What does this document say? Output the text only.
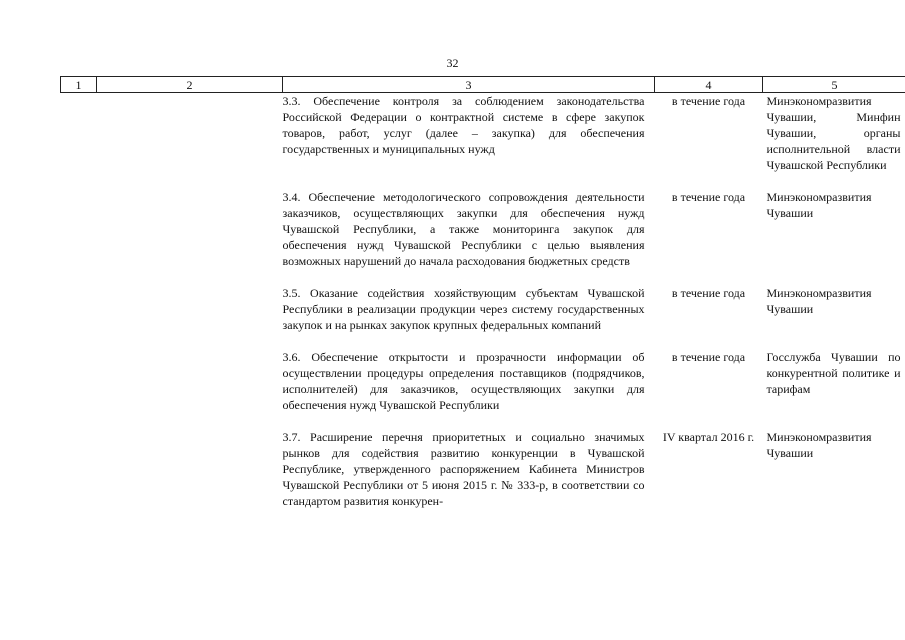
32
1	2	3	4	5

		3.3. Обеспечение контроля за соблюдением законодательства Российской Федерации о контрактной системе в сфере закупок товаров, работ, услуг (далее – закупка) для обеспечения государственных и муниципальных нужд	в течение года	Минэкономразвития Чувашии, Минфин Чувашии, органы исполнительной власти Чувашской Республики

		3.4. Обеспечение методологического сопровождения деятельности заказчиков, осуществляющих закупки для обеспечения нужд Чувашской Республики, а также мониторинга закупок для обеспечения нужд Чувашской Республики с целью выявления возможных нарушений до начала расходования бюджетных средств	в течение года	Минэкономразвития Чувашии

		3.5. Оказание содействия хозяйствующим субъектам Чувашской Республики в реализации продукции через систему государственных закупок и на рынках закупок крупных федеральных компаний	в течение года	Минэкономразвития Чувашии

		3.6. Обеспечение открытости и прозрачности информации об осуществлении процедуры определения поставщиков (подрядчиков, исполнителей) для заказчиков, осуществляющих закупки для обеспечения нужд Чувашской Республики	в течение года	Госслужба Чувашии по конкурентной политике и тарифам

		3.7. Расширение перечня приоритетных и социально значимых рынков для содействия развитию конкуренции в Чувашской Республике, утвержденного распоряжением Кабинета Министров Чувашской Республики от 5 июня 2015 г. № 333-р, в соответствии со стандартом развития конкурен-	IV квартал 2016 г.	Минэкономразвития Чувашии
